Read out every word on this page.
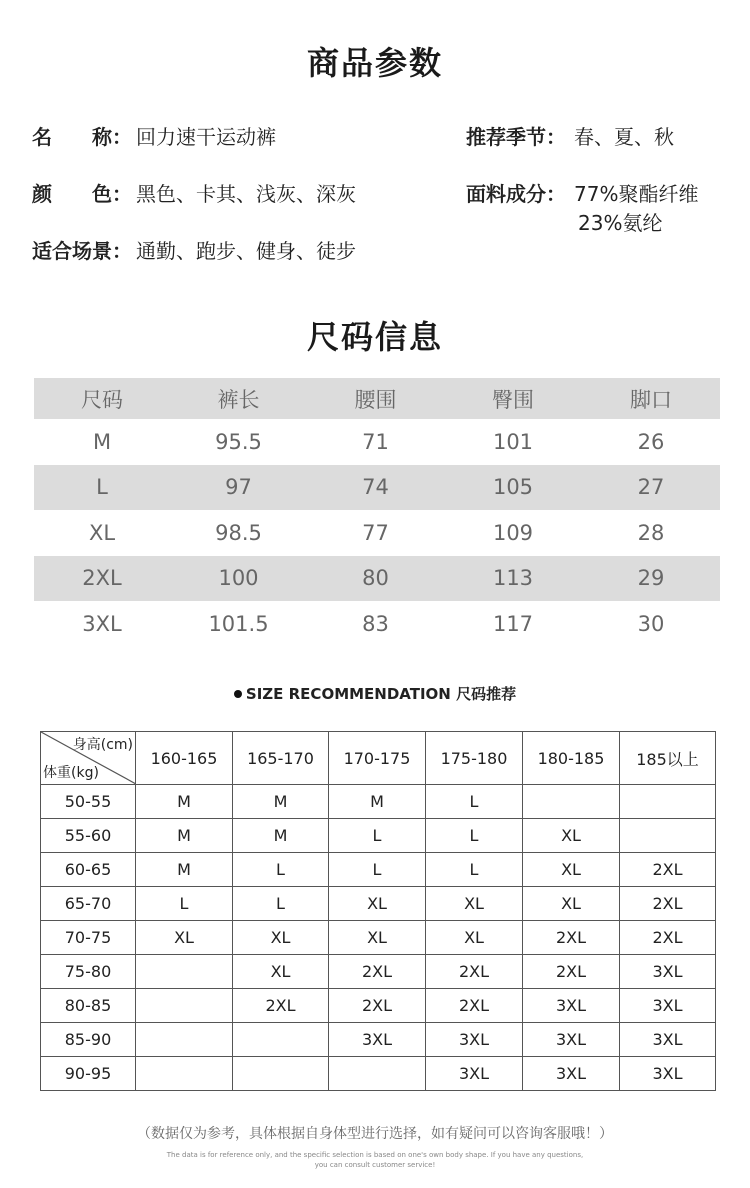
商品参数
名　　称： 回力速干运动裤
颜　　色： 黑色、卡其、浅灰、深灰
适合场景： 通勤、跑步、健身、徒步
推荐季节： 春、夏、秋
面料成分： 77%聚酯纤维
23%氨纶
尺码信息
尺码	裤长	腰围	臀围	脚口
M	95.5	71	101	26
L	97	74	105	27
XL	98.5	77	109	28
2XL	100	80	113	29
3XL	101.5	83	117	30
SIZE RECOMMENDATION 尺码推荐
身高(cm)
体重(kg)	160-165	165-170	170-175	175-180	180-185	185以上
50-55	M	M	M	L		
55-60	M	M	L	L	XL	
60-65	M	L	L	L	XL	2XL
65-70	L	L	XL	XL	XL	2XL
70-75	XL	XL	XL	XL	2XL	2XL
75-80		XL	2XL	2XL	2XL	3XL
80-85		2XL	2XL	2XL	3XL	3XL
85-90			3XL	3XL	3XL	3XL
90-95				3XL	3XL	3XL
（数据仅为参考，具体根据自身体型进行选择，如有疑问可以咨询客服哦！）
The data is for reference only, and the specific selection is based on one's own body shape. If you have any questions,
you can consult customer service!
